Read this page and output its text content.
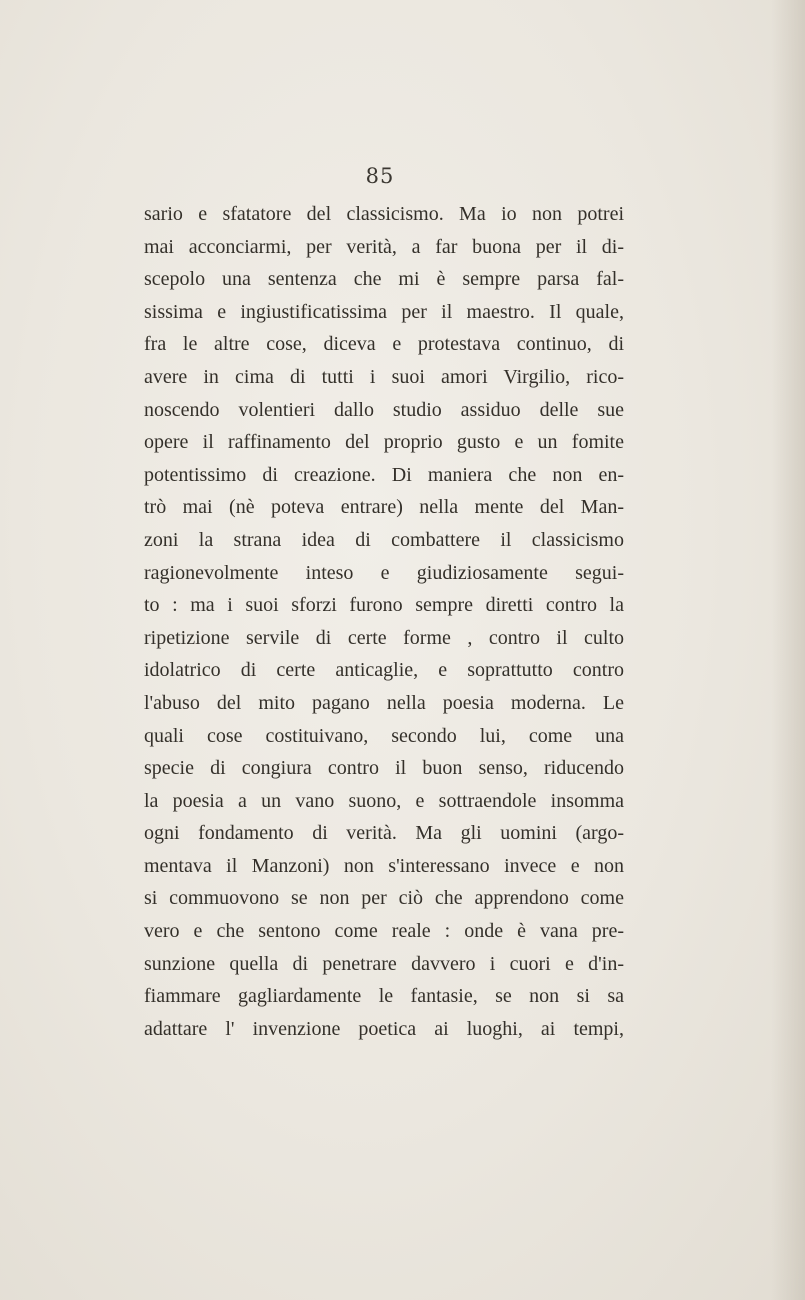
85
sario e sfatatore del classicismo. Ma io non potrei
mai acconciarmi, per verità, a far buona per il di-
scepolo una sentenza che mi è sempre parsa fal-
sissima e ingiustificatissima per il maestro. Il quale,
fra le altre cose, diceva e protestava continuo, di
avere in cima di tutti i suoi amori Virgilio, rico-
noscendo volentieri dallo studio assiduo delle sue
opere il raffinamento del proprio gusto e un fomite
potentissimo di creazione. Di maniera che non en-
trò mai (nè poteva entrare) nella mente del Man-
zoni la strana idea di combattere il classicismo
ragionevolmente inteso e giudiziosamente segui-
to : ma i suoi sforzi furono sempre diretti contro la
ripetizione servile di certe forme , contro il culto
idolatrico di certe anticaglie, e soprattutto contro
l'abuso del mito pagano nella poesia moderna. Le
quali cose costituivano, secondo lui, come una
specie di congiura contro il buon senso, riducendo
la poesia a un vano suono, e sottraendole insomma
ogni fondamento di verità. Ma gli uomini (argo-
mentava il Manzoni) non s'interessano invece e non
si commuovono se non per ciò che apprendono come
vero e che sentono come reale : onde è vana pre-
sunzione quella di penetrare davvero i cuori e d'in-
fiammare gagliardamente le fantasie, se non si sa
adattare l' invenzione poetica ai luoghi, ai tempi,
